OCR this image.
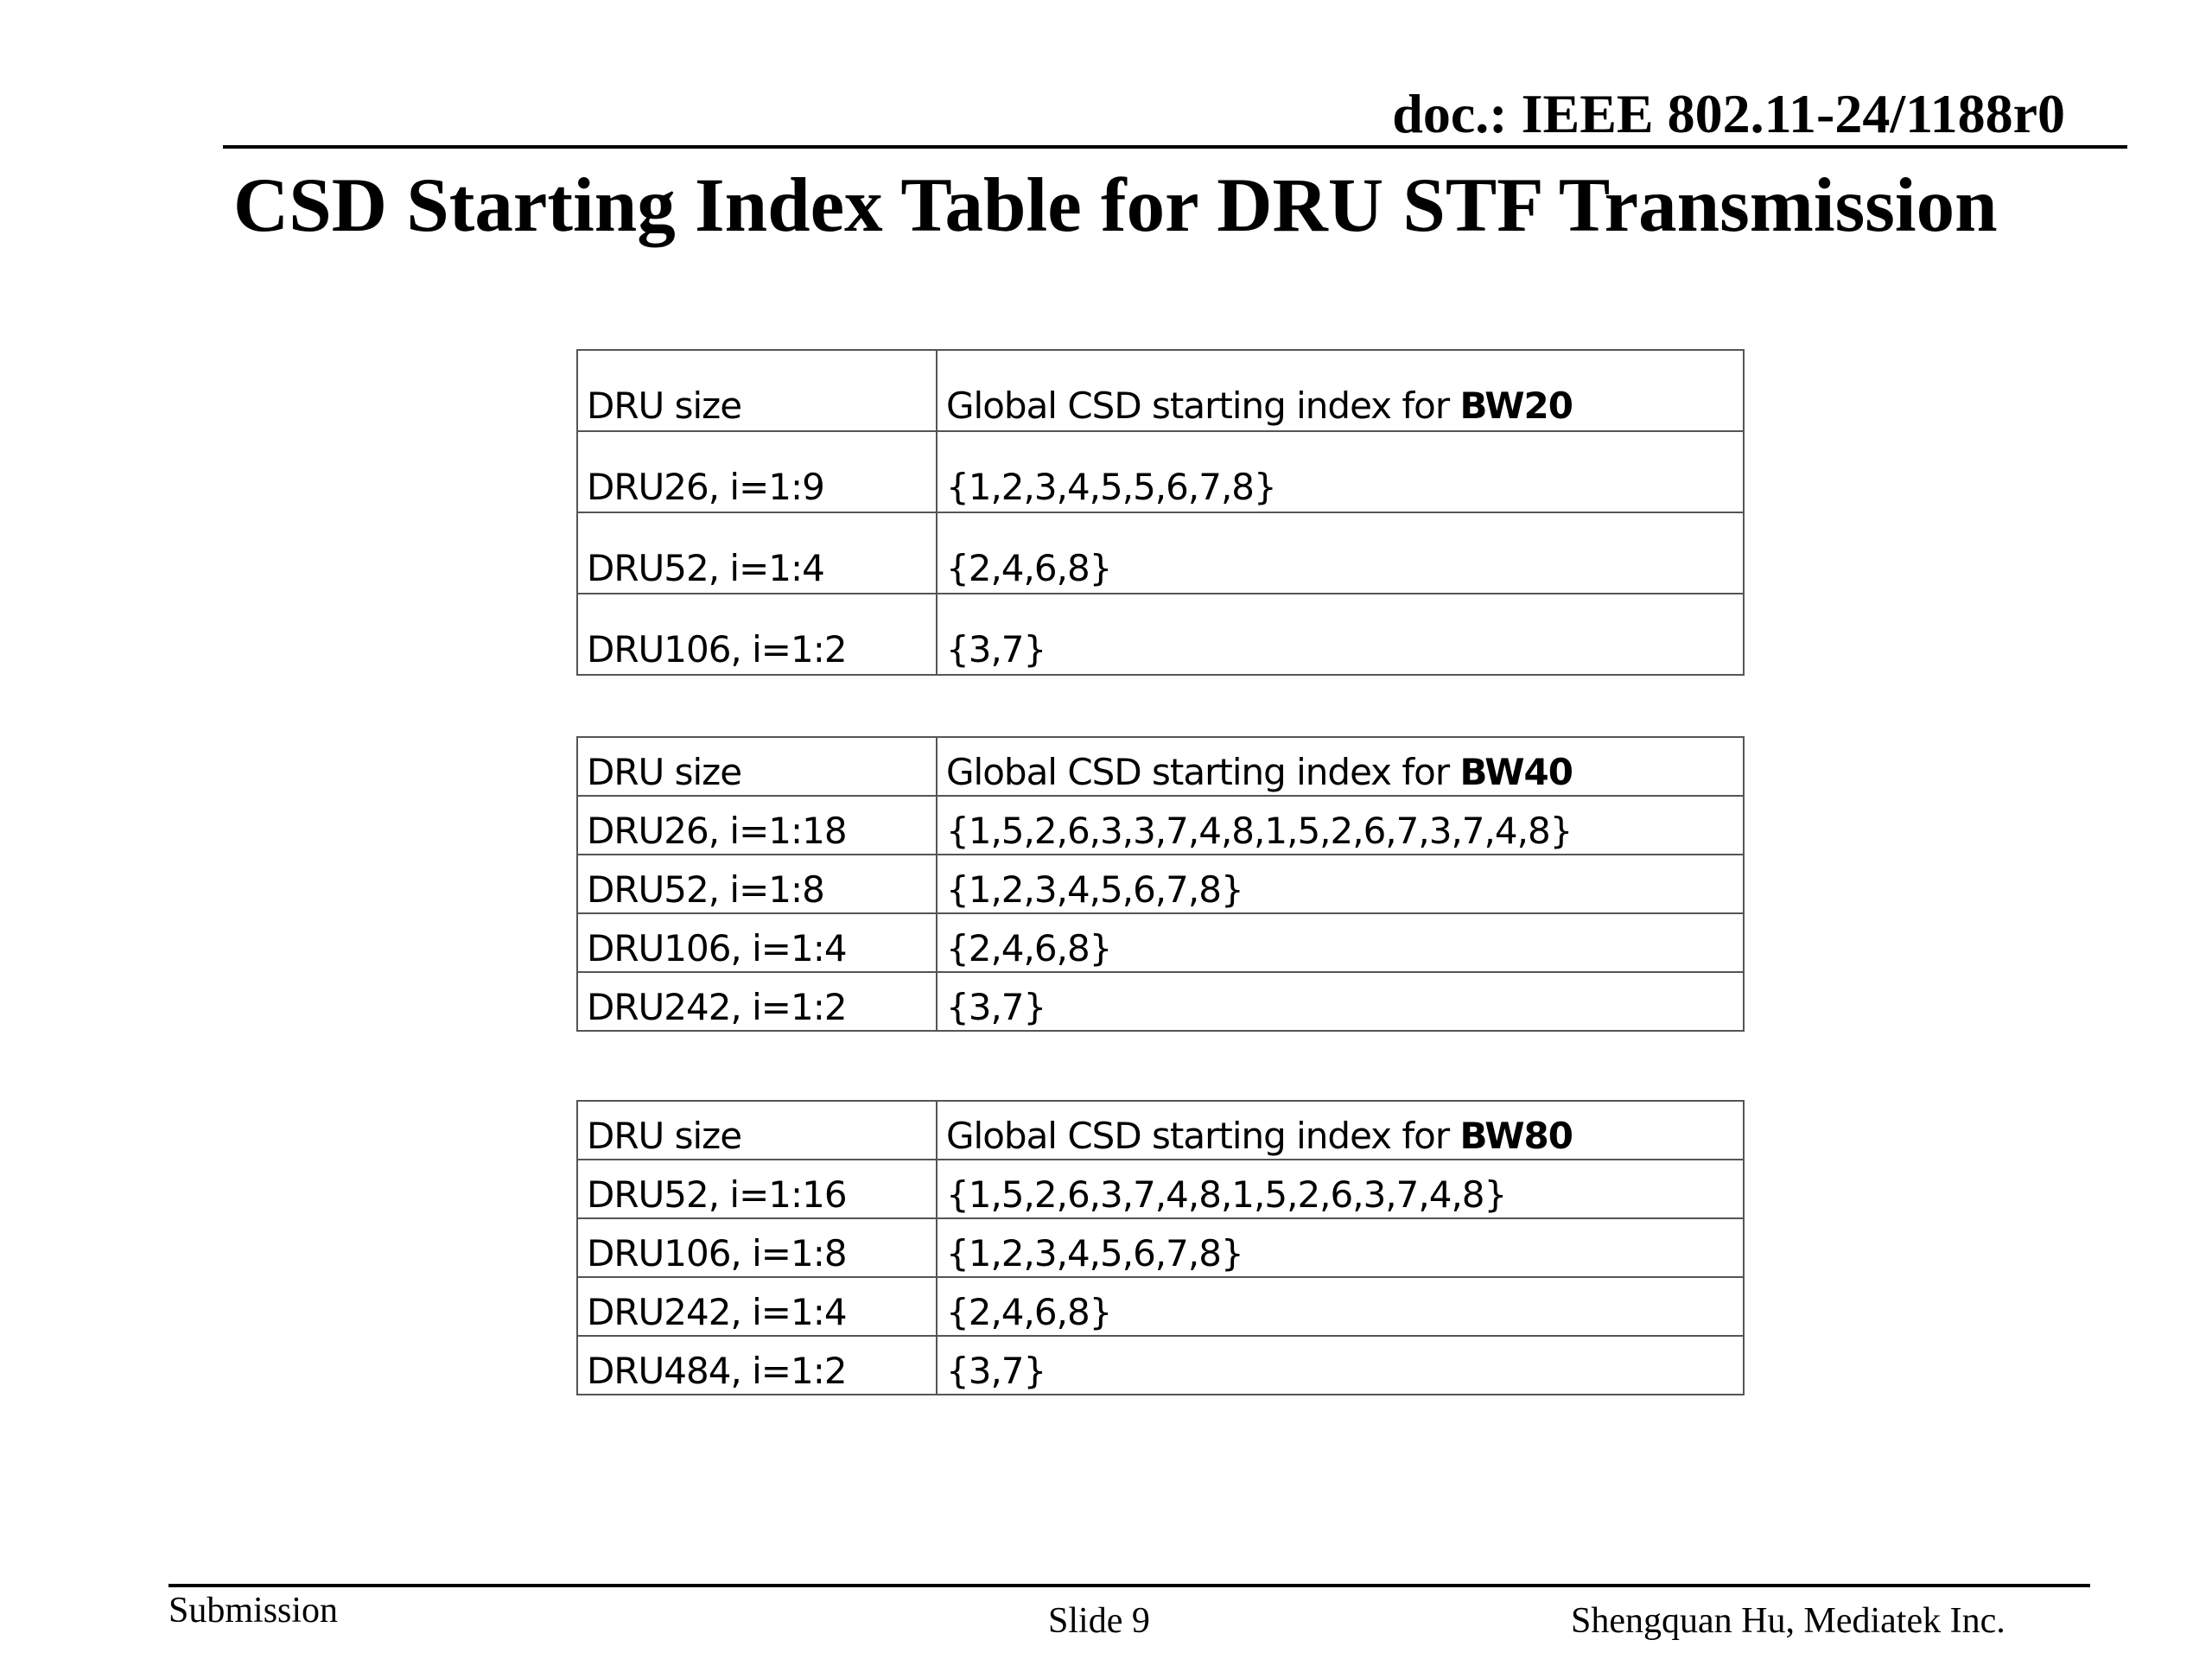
doc.: IEEE 802.11-24/1188r0
CSD Starting Index Table for DRU STF Transmission
DRU size	Global CSD starting index for BW20
DRU26, i=1:9	{1,2,3,4,5,5,6,7,8}
DRU52, i=1:4	{2,4,6,8}
DRU106, i=1:2	{3,7}
DRU size	Global CSD starting index for BW40
DRU26, i=1:18	{1,5,2,6,3,3,7,4,8,1,5,2,6,7,3,7,4,8}
DRU52, i=1:8	{1,2,3,4,5,6,7,8}
DRU106, i=1:4	{2,4,6,8}
DRU242, i=1:2	{3,7}
DRU size	Global CSD starting index for BW80
DRU52, i=1:16	{1,5,2,6,3,7,4,8,1,5,2,6,3,7,4,8}
DRU106, i=1:8	{1,2,3,4,5,6,7,8}
DRU242, i=1:4	{2,4,6,8}
DRU484, i=1:2	{3,7}
Submission	Slide 9	Shengquan Hu, Mediatek Inc.
